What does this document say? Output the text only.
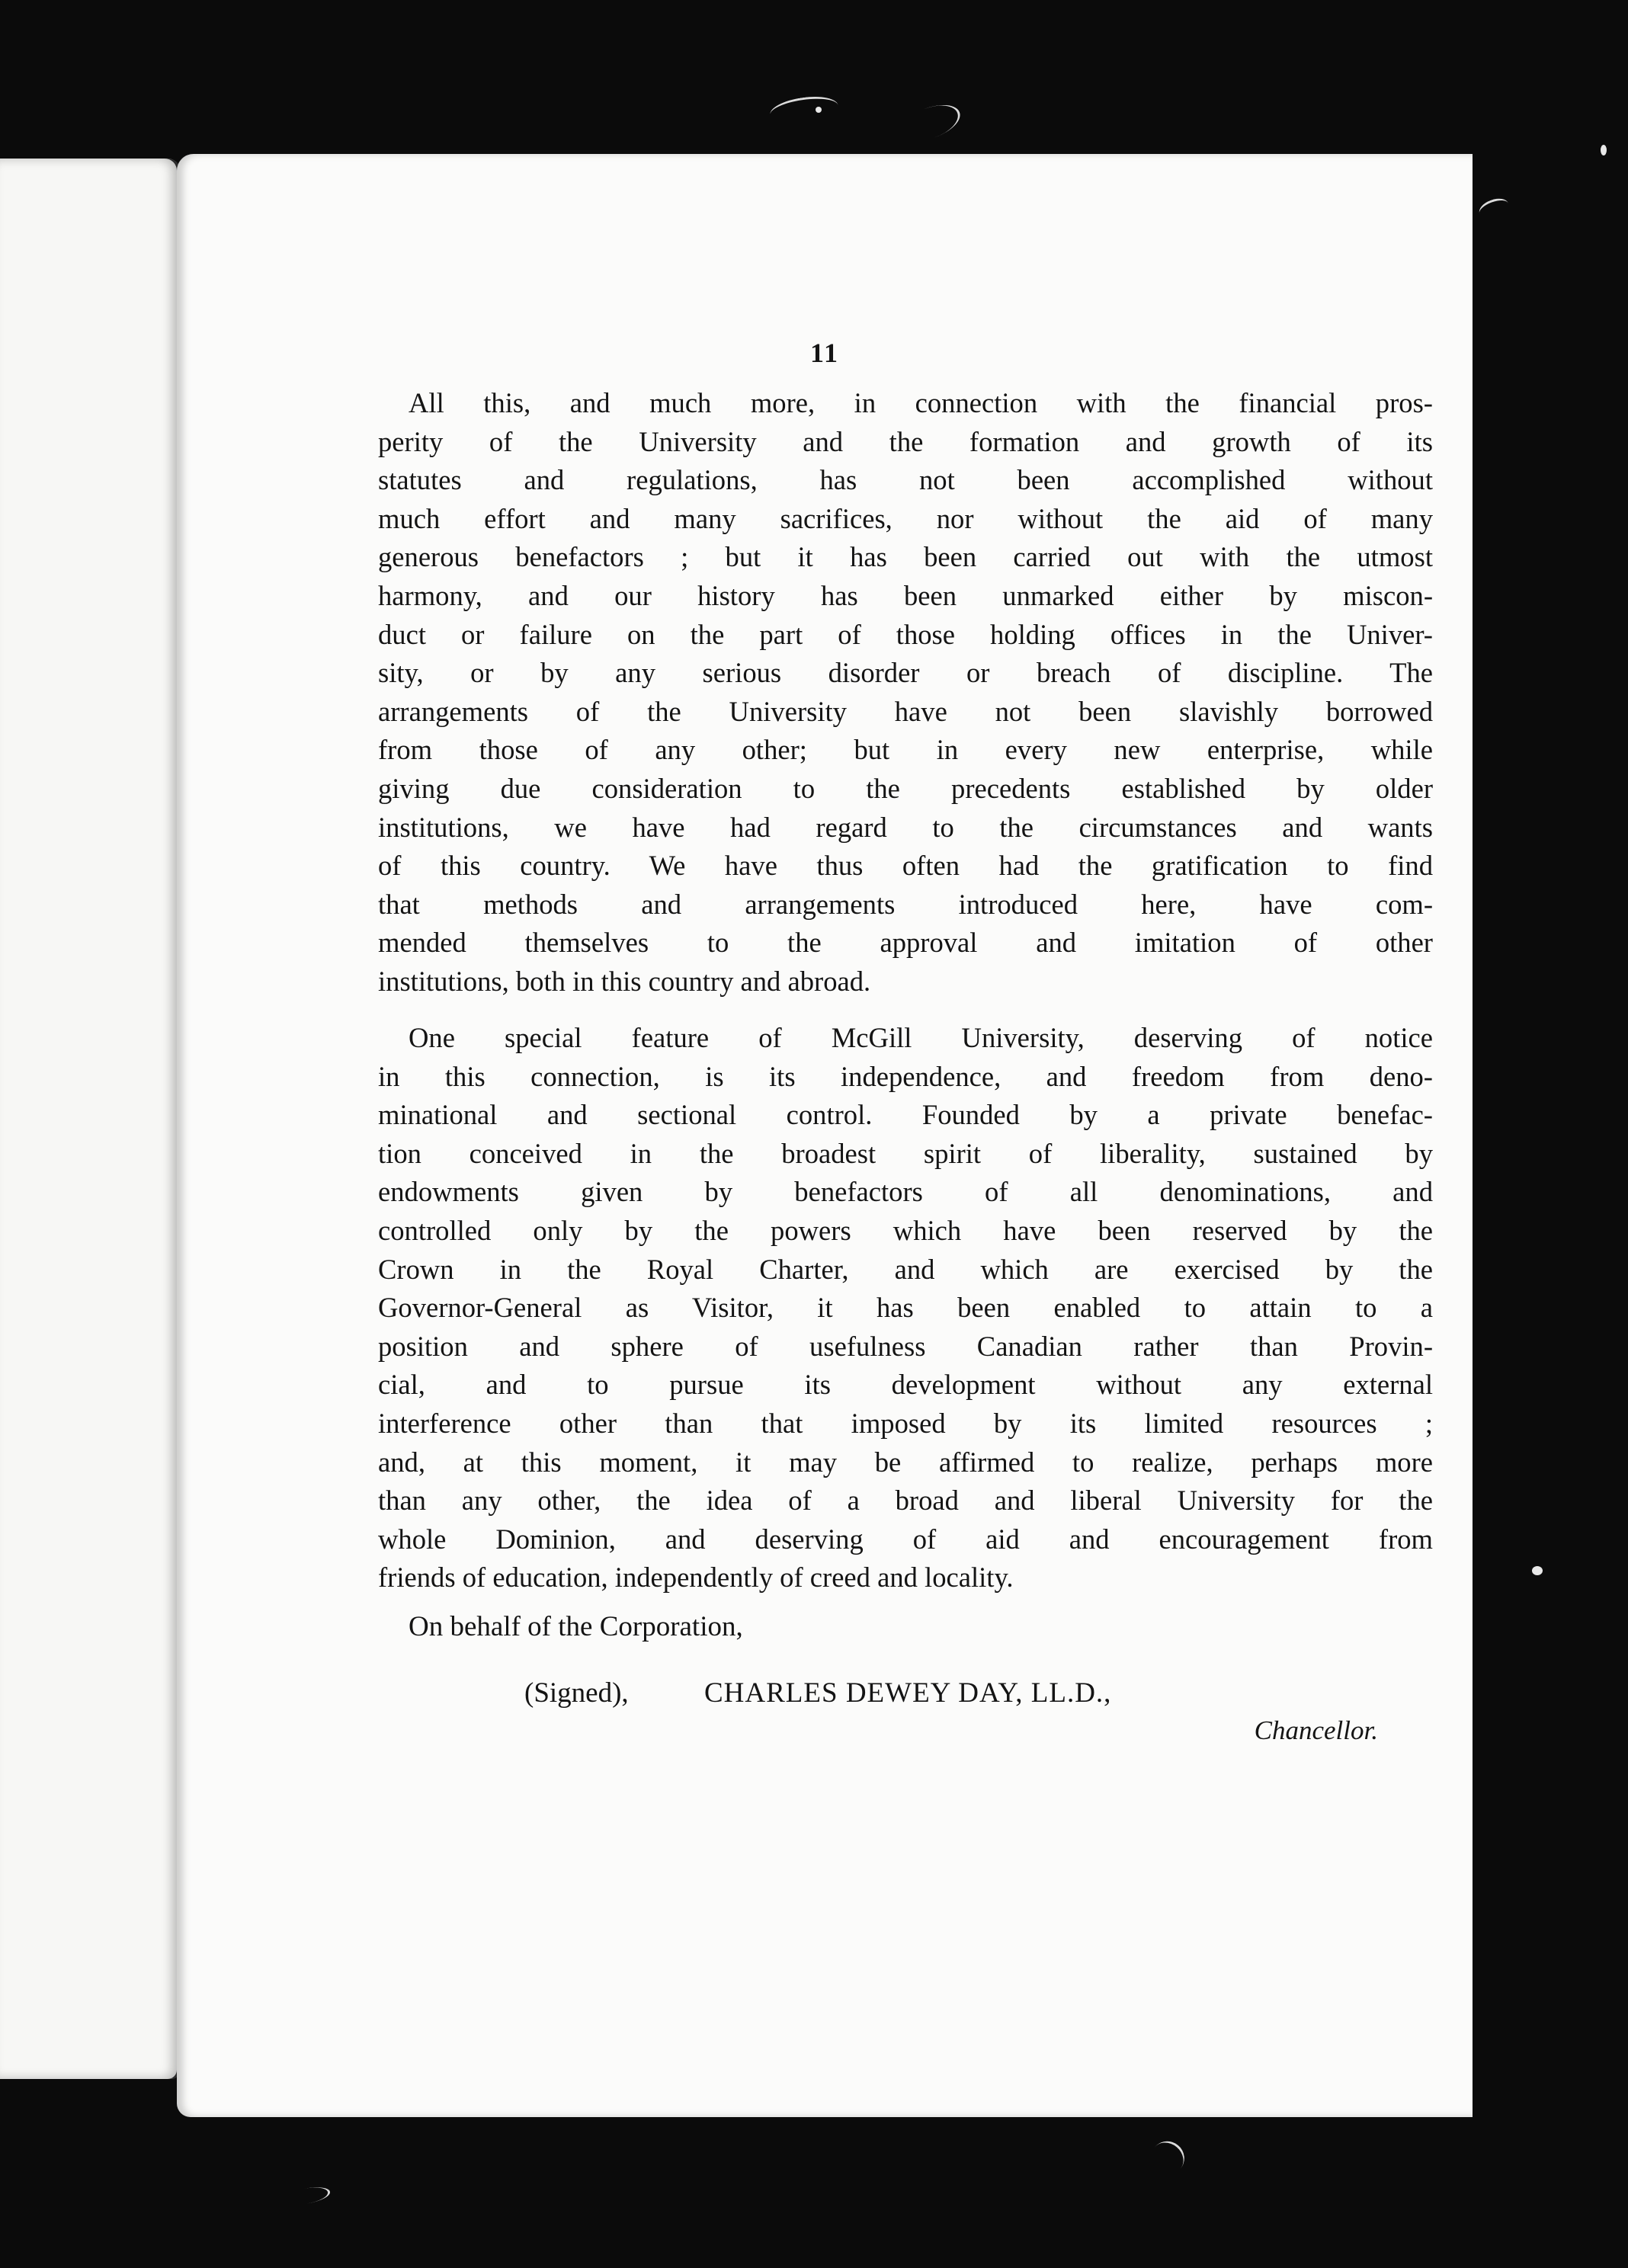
11
All this, and much more, in connection with the financial pros-
perity of the University and the formation and growth of its
statutes and regulations, has not been accomplished without
much effort and many sacrifices, nor without the aid of many
generous benefactors ; but it has been carried out with the utmost
harmony, and our history has been unmarked either by miscon-
duct or failure on the part of those holding offices in the Univer-
sity, or by any serious disorder or breach of discipline. The
arrangements of the University have not been slavishly borrowed
from those of any other; but in every new enterprise, while
giving due consideration to the precedents established by older
institutions, we have had regard to the circumstances and wants
of this country. We have thus often had the gratification to find
that methods and arrangements introduced here, have com-
mended themselves to the approval and imitation of other
institutions, both in this country and abroad.
One special feature of McGill University, deserving of notice
in this connection, is its independence, and freedom from deno-
minational and sectional control. Founded by a private benefac-
tion conceived in the broadest spirit of liberality, sustained by
endowments given by benefactors of all denominations, and
controlled only by the powers which have been reserved by the
Crown in the Royal Charter, and which are exercised by the
Governor-General as Visitor, it has been enabled to attain to a
position and sphere of usefulness Canadian rather than Provin-
cial, and to pursue its development without any external
interference other than that imposed by its limited resources ;
and, at this moment, it may be affirmed to realize, perhaps more
than any other, the idea of a broad and liberal University for the
whole Dominion, and deserving of aid and encouragement from
friends of education, independently of creed and locality.
On behalf of the Corporation,
(Signed),	CHARLES DEWEY DAY, LL.D.,
Chancellor.
